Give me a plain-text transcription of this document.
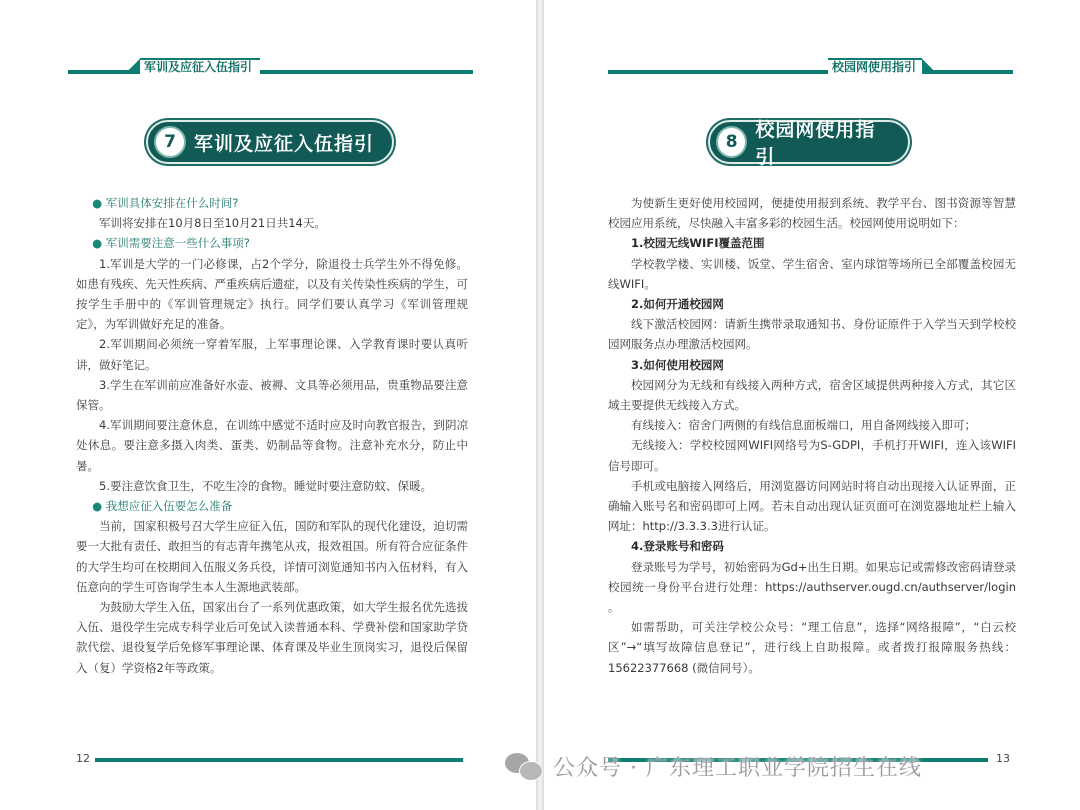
军训及应征入伍指引
7 军训及应征入伍指引

● 军训具体安排在什么时间?

军训将安排在10月8日至10月21日共14天。

● 军训需要注意一些什么事项?

1.军训是大学的一门必修课，占2个学分，除退役士兵学生外不得免修。如患有残疾、先天性疾病、严重疾病后遗症，以及有关传染性疾病的学生，可按学生手册中的《军训管理规定》执行。同学们要认真学习《军训管理规定》，为军训做好充足的准备。

2.军训期间必须统一穿着军服，上军事理论课、入学教育课时要认真听讲，做好笔记。

3.学生在军训前应准备好水壶、被褥、文具等必须用品，贵重物品要注意保管。

4.军训期间要注意休息，在训练中感觉不适时应及时向教官报告，到阴凉处休息。要注意多摄入肉类、蛋类、奶制品等食物。注意补充水分，防止中暑。

5.要注意饮食卫生，不吃生冷的食物。睡觉时要注意防蚊、保暖。

● 我想应征入伍要怎么准备

当前，国家积极号召大学生应征入伍，国防和军队的现代化建设，迫切需要一大批有责任、敢担当的有志青年携笔从戎，报效祖国。所有符合应征条件的大学生均可在校期间入伍服义务兵役，详情可浏览通知书内入伍材料，有入伍意向的学生可咨询学生本人生源地武装部。

为鼓励大学生入伍，国家出台了一系列优惠政策，如大学生报名优先选拔入伍、退役学生完成专科学业后可免试入读普通本科、学费补偿和国家助学贷款代偿、退役复学后免修军事理论课、体育课及毕业生顶岗实习，退役后保留入（复）学资格2年等政策。

12
校园网使用指引
8
校园网使用指引

为使新生更好使用校园网，便捷使用报到系统、教学平台、图书资源等智慧校园应用系统，尽快融入丰富多彩的校园生活。校园网使用说明如下：

1.校园无线WIFI覆盖范围

学校教学楼、实训楼、饭堂、学生宿舍、室内球馆等场所已全部覆盖校园无线WIFI。

2.如何开通校园网

线下激活校园网：请新生携带录取通知书、身份证原件于入学当天到学校校园网服务点办理激活校园网。

3.如何使用校园网

校园网分为无线和有线接入两种方式，宿舍区域提供两种接入方式，其它区域主要提供无线接入方式。

有线接入：宿舍门两侧的有线信息面板端口，用自备网线接入即可；

无线接入：学校校园网WIFI网络号为S-GDPI，手机打开WIFI，连入该WIFI信号即可。

手机或电脑接入网络后，用浏览器访问网站时将自动出现接入认证界面，正确输入账号名和密码即可上网。若未自动出现认证页面可在浏览器地址栏上输入网址：http://3.3.3.3进行认证。

4.登录账号和密码

登录账号为学号，初始密码为Gd+出生日期。如果忘记或需修改密码请登录校园统一身份平台进行处理：https://authserver.ougd.cn/authserver/login 。

如需帮助，可关注学校公众号：“理工信息”，选择“网络报障”，“白云校区”→“填写故障信息登记”，进行线上自助报障。或者拨打报障服务热线：15622377668 (微信同号）。

13
公众号 · 广东理工职业学院招生在线
